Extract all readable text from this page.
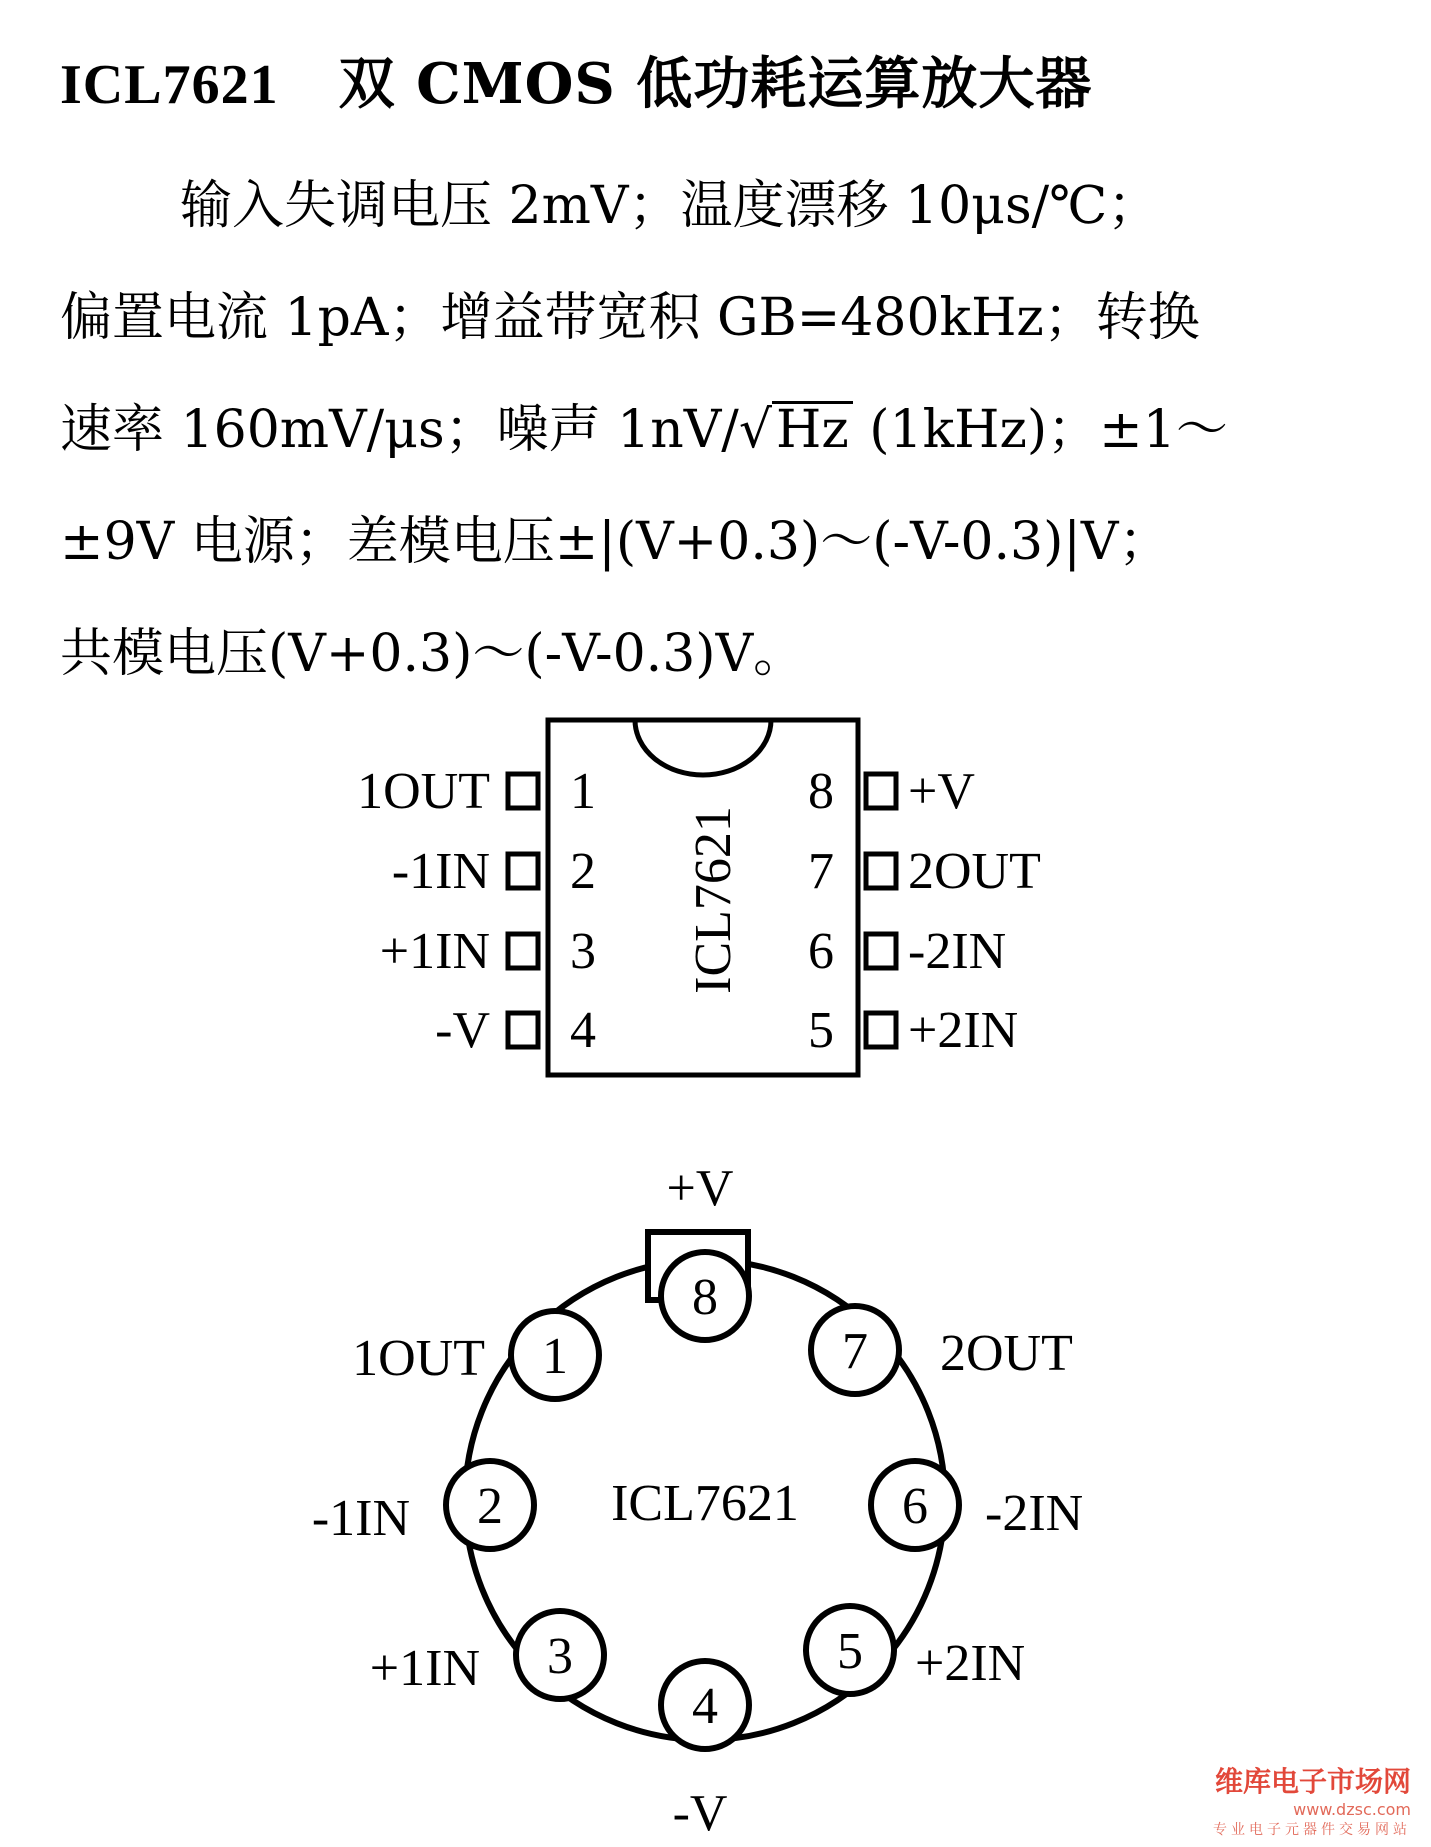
ICL7621 双 CMOS 低功耗运算放大器
输入失调电压 2mV；温度漂移 10μs/℃；
偏置电流 1pA；增益带宽积 GB=480kHz；转换
速率 160mV/μs；噪声 1nV/√Hz (1kHz)；±1～
±9V 电源；差模电压±|(V+0.3)～(-V-0.3)|V；
共模电压(V+0.3)～(-V-0.3)V。
ICL7621
1
2
3
4
8
7
6
5
1OUT
-1IN
+1IN
-V
+V
2OUT
-2IN
+2IN
8
7
6
5
4
3
2
1
ICL7621
+V
2OUT
-2IN
+2IN
-V
+1IN
-1IN
1OUT
维库电子市场网
www.dzsc.com
专业电子元器件交易网站
